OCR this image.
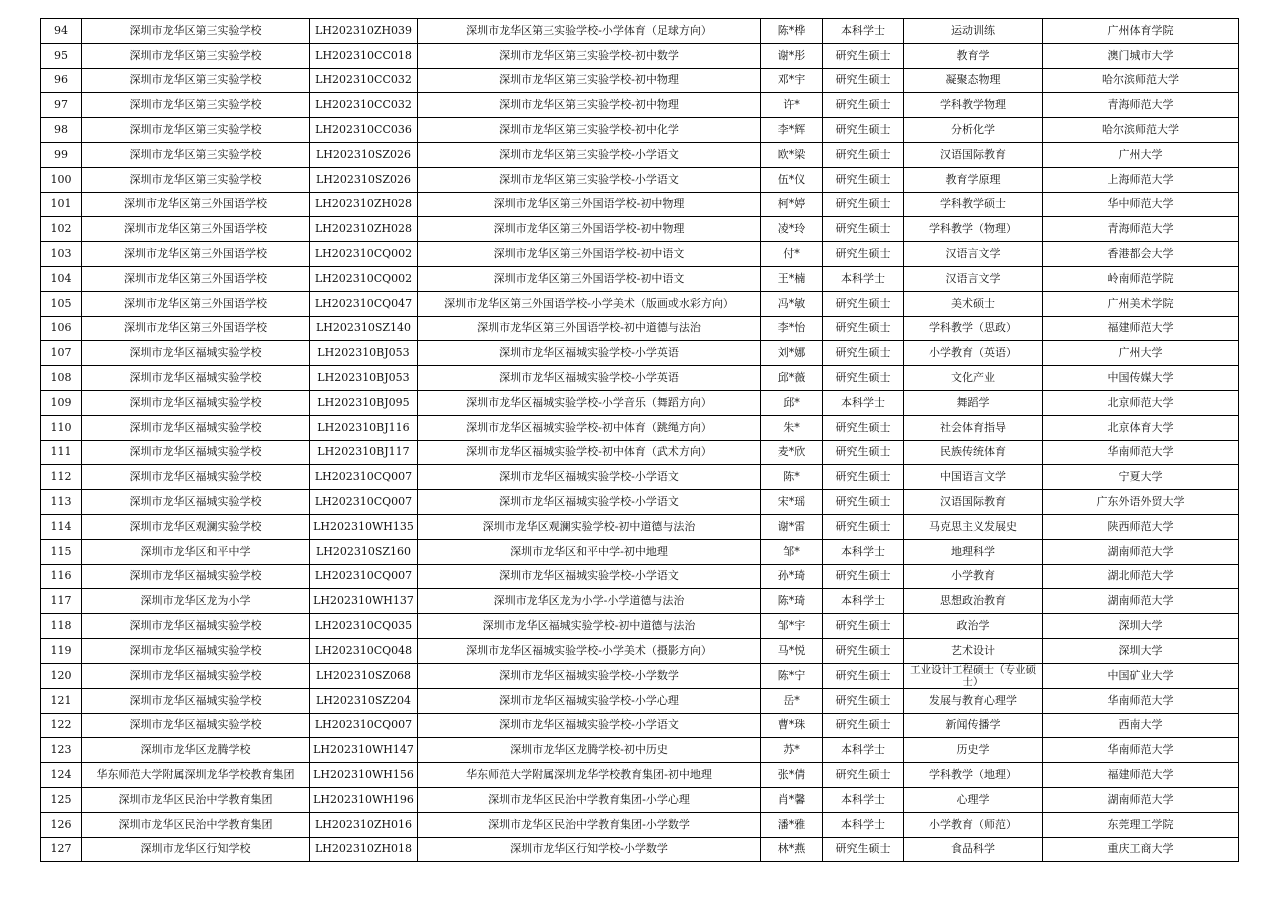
94	深圳市龙华区第三实验学校	LH202310ZH039	深圳市龙华区第三实验学校-小学体育（足球方向）	陈*桦	本科学士	运动训练	广州体育学院
95	深圳市龙华区第三实验学校	LH202310CC018	深圳市龙华区第三实验学校-初中数学	谢*彤	研究生硕士	教育学	澳门城市大学
96	深圳市龙华区第三实验学校	LH202310CC032	深圳市龙华区第三实验学校-初中物理	邓*宇	研究生硕士	凝聚态物理	哈尔滨师范大学
97	深圳市龙华区第三实验学校	LH202310CC032	深圳市龙华区第三实验学校-初中物理	许*	研究生硕士	学科教学物理	青海师范大学
98	深圳市龙华区第三实验学校	LH202310CC036	深圳市龙华区第三实验学校-初中化学	李*辉	研究生硕士	分析化学	哈尔滨师范大学
99	深圳市龙华区第三实验学校	LH202310SZ026	深圳市龙华区第三实验学校-小学语文	欧*梁	研究生硕士	汉语国际教育	广州大学
100	深圳市龙华区第三实验学校	LH202310SZ026	深圳市龙华区第三实验学校-小学语文	伍*仪	研究生硕士	教育学原理	上海师范大学
101	深圳市龙华区第三外国语学校	LH202310ZH028	深圳市龙华区第三外国语学校-初中物理	柯*婷	研究生硕士	学科教学硕士	华中师范大学
102	深圳市龙华区第三外国语学校	LH202310ZH028	深圳市龙华区第三外国语学校-初中物理	凌*玲	研究生硕士	学科教学（物理）	青海师范大学
103	深圳市龙华区第三外国语学校	LH202310CQ002	深圳市龙华区第三外国语学校-初中语文	付*	研究生硕士	汉语言文学	香港都会大学
104	深圳市龙华区第三外国语学校	LH202310CQ002	深圳市龙华区第三外国语学校-初中语文	王*楠	本科学士	汉语言文学	岭南师范学院
105	深圳市龙华区第三外国语学校	LH202310CQ047	深圳市龙华区第三外国语学校-小学美术（版画或水彩方向）	冯*敏	研究生硕士	美术硕士	广州美术学院
106	深圳市龙华区第三外国语学校	LH202310SZ140	深圳市龙华区第三外国语学校-初中道德与法治	李*怡	研究生硕士	学科教学（思政）	福建师范大学
107	深圳市龙华区福城实验学校	LH202310BJ053	深圳市龙华区福城实验学校-小学英语	刘*娜	研究生硕士	小学教育（英语）	广州大学
108	深圳市龙华区福城实验学校	LH202310BJ053	深圳市龙华区福城实验学校-小学英语	邱*薇	研究生硕士	文化产业	中国传媒大学
109	深圳市龙华区福城实验学校	LH202310BJ095	深圳市龙华区福城实验学校-小学音乐（舞蹈方向）	邱*	本科学士	舞蹈学	北京师范大学
110	深圳市龙华区福城实验学校	LH202310BJ116	深圳市龙华区福城实验学校-初中体育（跳绳方向）	朱*	研究生硕士	社会体育指导	北京体育大学
111	深圳市龙华区福城实验学校	LH202310BJ117	深圳市龙华区福城实验学校-初中体育（武术方向）	麦*欣	研究生硕士	民族传统体育	华南师范大学
112	深圳市龙华区福城实验学校	LH202310CQ007	深圳市龙华区福城实验学校-小学语文	陈*	研究生硕士	中国语言文学	宁夏大学
113	深圳市龙华区福城实验学校	LH202310CQ007	深圳市龙华区福城实验学校-小学语文	宋*瑶	研究生硕士	汉语国际教育	广东外语外贸大学
114	深圳市龙华区观澜实验学校	LH202310WH135	深圳市龙华区观澜实验学校-初中道德与法治	谢*雷	研究生硕士	马克思主义发展史	陕西师范大学
115	深圳市龙华区和平中学	LH202310SZ160	深圳市龙华区和平中学-初中地理	邹*	本科学士	地理科学	湖南师范大学
116	深圳市龙华区福城实验学校	LH202310CQ007	深圳市龙华区福城实验学校-小学语文	孙*琦	研究生硕士	小学教育	湖北师范大学
117	深圳市龙华区龙为小学	LH202310WH137	深圳市龙华区龙为小学-小学道德与法治	陈*琦	本科学士	思想政治教育	湖南师范大学
118	深圳市龙华区福城实验学校	LH202310CQ035	深圳市龙华区福城实验学校-初中道德与法治	邹*宇	研究生硕士	政治学	深圳大学
119	深圳市龙华区福城实验学校	LH202310CQ048	深圳市龙华区福城实验学校-小学美术（摄影方向）	马*悦	研究生硕士	艺术设计	深圳大学
120	深圳市龙华区福城实验学校	LH202310SZ068	深圳市龙华区福城实验学校-小学数学	陈*宁	研究生硕士	工业设计工程硕士（专业硕士）	中国矿业大学
121	深圳市龙华区福城实验学校	LH202310SZ204	深圳市龙华区福城实验学校-小学心理	岳*	研究生硕士	发展与教育心理学	华南师范大学
122	深圳市龙华区福城实验学校	LH202310CQ007	深圳市龙华区福城实验学校-小学语文	曹*珠	研究生硕士	新闻传播学	西南大学
123	深圳市龙华区龙腾学校	LH202310WH147	深圳市龙华区龙腾学校-初中历史	苏*	本科学士	历史学	华南师范大学
124	华东师范大学附属深圳龙华学校教育集团	LH202310WH156	华东师范大学附属深圳龙华学校教育集团-初中地理	张*倩	研究生硕士	学科教学（地理）	福建师范大学
125	深圳市龙华区民治中学教育集团	LH202310WH196	深圳市龙华区民治中学教育集团-小学心理	肖*馨	本科学士	心理学	湖南师范大学
126	深圳市龙华区民治中学教育集团	LH202310ZH016	深圳市龙华区民治中学教育集团-小学数学	潘*雅	本科学士	小学教育（师范）	东莞理工学院
127	深圳市龙华区行知学校	LH202310ZH018	深圳市龙华区行知学校-小学数学	林*燕	研究生硕士	食品科学	重庆工商大学
